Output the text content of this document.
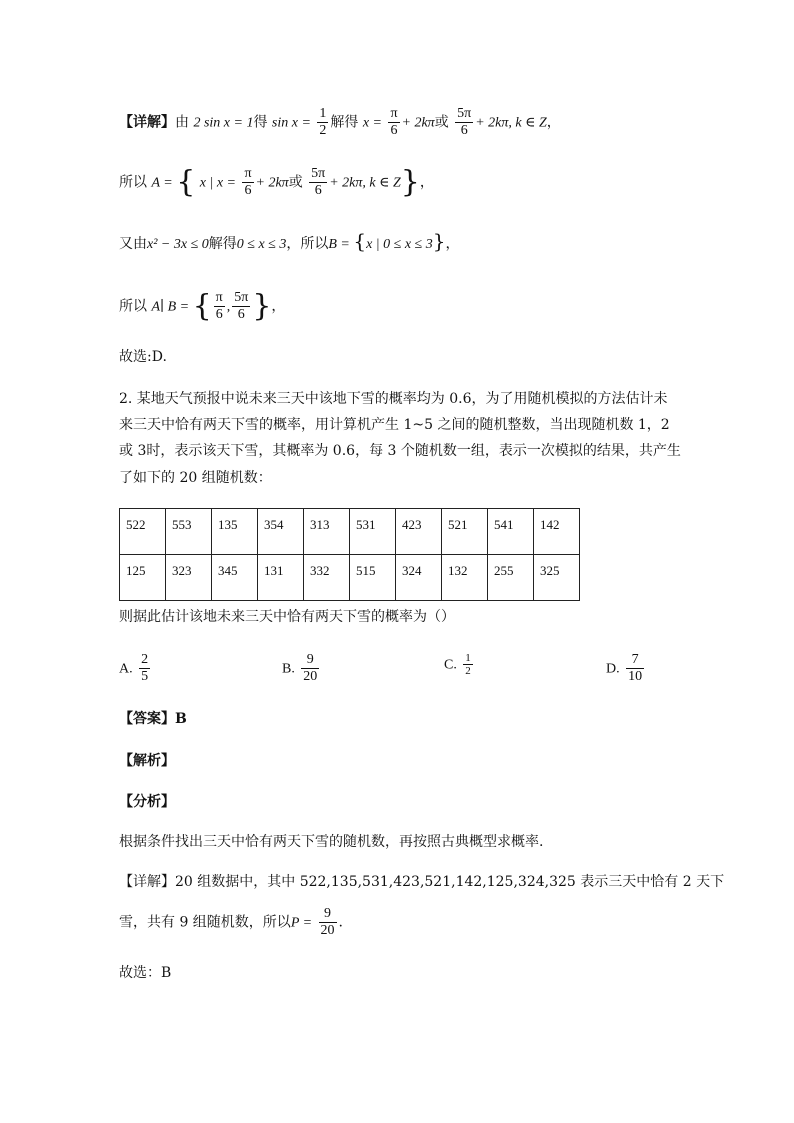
【详解】由 2 sin x = 1得 $\sin x = \frac{1}{2}$ 解得 $x = \frac{\pi}{6} + 2k\pi$或 $\frac{5\pi}{6} + 2k\pi$, k ∈ Z，
所以 A = { x | $x = \frac{\pi}{6} + 2k\pi$或 $\frac{5\pi}{6} + 2k\pi$, k ∈ Z}，
又由x² − 3x ≤ 0解得0 ≤ x ≤ 3，所以B = {x | 0 ≤ x ≤ 3}，
所以 A∣ B = { $\frac{\pi}{6}$ , $\frac{5\pi}{6}$ }，
故选:D.
2. 某地天气预报中说未来三天中该地下雪的概率均为 0.6，为了用随机模拟的方法估计未
来三天中恰有两天下雪的概率，用计算机产生 1~5 之间的随机整数，当出现随机数 1，2
或 3时，表示该天下雪，其概率为 0.6，每 3 个随机数一组，表示一次模拟的结果，共产生
了如下的 20 组随机数：
522	553	135	354	313	531	423	521	541	142
125	323	345	131	332	515	324	132	255	325
则据此估计该地未来三天中恰有两天下雪的概率为（）
A. $\frac{2}{5}$	B. $\frac{9}{20}$	C. $\frac{1}{2}$	D. $\frac{7}{10}$
【答案】B
【解析】
【分析】
根据条件找出三天中恰有两天下雪的随机数，再按照古典概型求概率.
【详解】20 组数据中，其中 522,135,531,423,521,142,125,324,325 表示三天中恰有 2 天下
雪，共有 9 组随机数，所以$P = \frac{9}{20}$ .
故选：B
